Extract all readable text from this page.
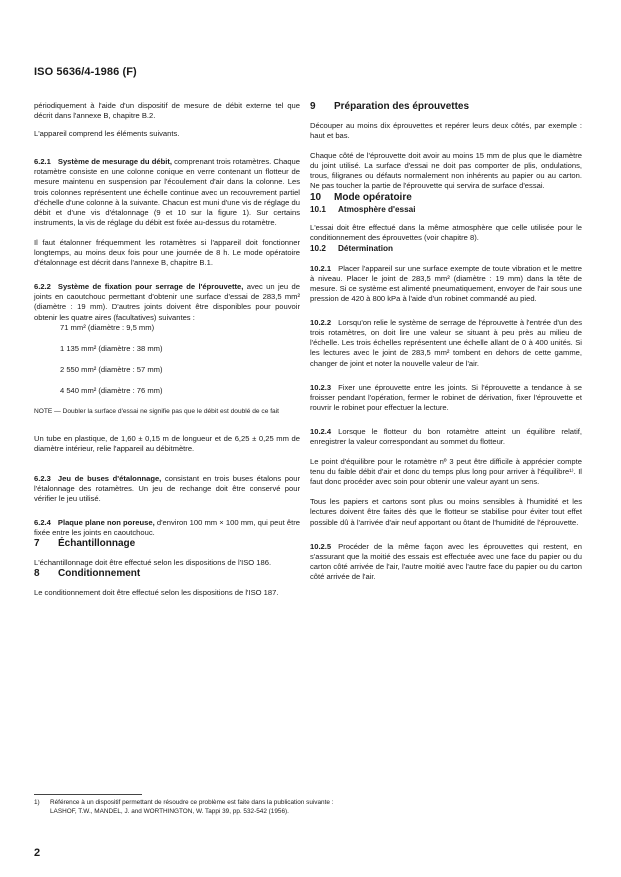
ISO 5636/4-1986 (F)

périodiquement à l'aide d'un dispositif de mesure de débit externe tel que décrit dans l'annexe B, chapitre B.2.

L'appareil comprend les éléments suivants.

6.2.1 Système de mesurage du débit, comprenant trois rotamètres. Chaque rotamètre consiste en une colonne conique en verre contenant un flotteur de mesure maintenu en suspension par l'écoulement d'air dans la colonne. Les trois colonnes représentent une échelle continue avec un recouvrement partiel d'échelle d'une colonne à la suivante. Chacun est muni d'une vis de réglage du débit et d'une vis d'étalonnage (9 et 10 sur la figure 1). Sur certains instruments, la vis de réglage du débit est fixée au-dessus du rotamètre.

Il faut étalonner fréquemment les rotamètres si l'appareil doit fonctionner longtemps, au moins deux fois pour une journée de 8 h. Le mode opératoire d'étalonnage est décrit dans l'annexe B, chapitre B.1.

6.2.2 Système de fixation pour serrage de l'éprouvette, avec un jeu de joints en caoutchouc permettant d'obtenir une surface d'essai de 283,5 mm² (diamètre : 19 mm). D'autres joints doivent être disponibles pour pouvoir obtenir les quatre aires (facultatives) suivantes :

71 mm² (diamètre : 9,5 mm)
1 135 mm² (diamètre : 38 mm)
2 550 mm² (diamètre : 57 mm)
4 540 mm² (diamètre : 76 mm)

NOTE — Doubler la surface d'essai ne signifie pas que le débit est doublé de ce fait

Un tube en plastique, de 1,60 ± 0,15 m de longueur et de 6,25 ± 0,25 mm de diamètre intérieur, relie l'appareil au débitmètre.

6.2.3 Jeu de buses d'étalonnage, consistant en trois buses étalons pour l'étalonnage des rotamètres. Un jeu de rechange doit être conservé pour vérifier le jeu utilisé.

6.2.4 Plaque plane non poreuse, d'environ 100 mm × 100 mm, qui peut être fixée entre les joints en caoutchouc.

7 Échantillonnage

L'échantillonnage doit être effectué selon les dispositions de l'ISO 186.

8 Conditionnement

Le conditionnement doit être effectué selon les dispositions de l'ISO 187.

9 Préparation des éprouvettes

Découper au moins dix éprouvettes et repérer leurs deux côtés, par exemple : haut et bas.

Chaque côté de l'éprouvette doit avoir au moins 15 mm de plus que le diamètre du joint utilisé. La surface d'essai ne doit pas comporter de plis, ondulations, trous, filigranes ou défauts normalement non inhérents au papier ou au carton. Ne pas toucher la partie de l'éprouvette qui servira de surface d'essai.

10 Mode opératoire
10.1 Atmosphère d'essai

L'essai doit être effectué dans la même atmosphère que celle utilisée pour le conditionnement des éprouvettes (voir chapitre 8).

10.2 Détermination

10.2.1 Placer l'appareil sur une surface exempte de toute vibration et le mettre à niveau. Placer le joint de 283,5 mm² (diamètre : 19 mm) dans la tête de mesure. Si ce système est alimenté pneumatiquement, envoyer de l'air sous une pression de 420 à 800 kPa à l'aide d'un robinet commandé au pied.

10.2.2 Lorsqu'on relie le système de serrage de l'éprouvette à l'entrée d'un des trois rotamètres, on doit lire une valeur se situant à peu près au milieu de l'échelle. Les trois échelles représentent une échelle allant de 0 à 400 unités. Si les lectures avec le joint de 283,5 mm² tombent en dehors de cette gamme, changer de joint et noter la nouvelle valeur de l'air.

10.2.3 Fixer une éprouvette entre les joints. Si l'éprouvette a tendance à se froisser pendant l'opération, fermer le robinet de dérivation, fixer l'éprouvette et rouvrir le robinet pour effectuer la lecture.

10.2.4 Lorsque le flotteur du bon rotamètre atteint un équilibre relatif, enregistrer la valeur correspondant au sommet du flotteur.

Le point d'équilibre pour le rotamètre nº 3 peut être difficile à apprécier compte tenu du faible débit d'air et donc du temps plus long pour arriver à l'équilibre¹⁾. Il faut donc procéder avec soin pour obtenir une valeur ayant un sens.

Tous les papiers et cartons sont plus ou moins sensibles à l'humidité et les lectures doivent être faites dès que le flotteur se stabilise pour éviter tout effet possible dû à l'arrivée d'air neuf apportant ou ôtant de l'humidité de l'éprouvette.

10.2.5 Procéder de la même façon avec les éprouvettes qui restent, en s'assurant que la moitié des essais est effectuée avec une face du papier ou du carton côté arrivée de l'air, l'autre moitié avec l'autre face du papier ou du carton côté arrivée de l'air.

1) Référence à un dispositif permettant de résoudre ce problème est faite dans la publication suivante :
LASHOF, T.W., MANDEL, J. and WORTHINGTON, W. Tappi 39, pp. 532-542 (1956).
2
